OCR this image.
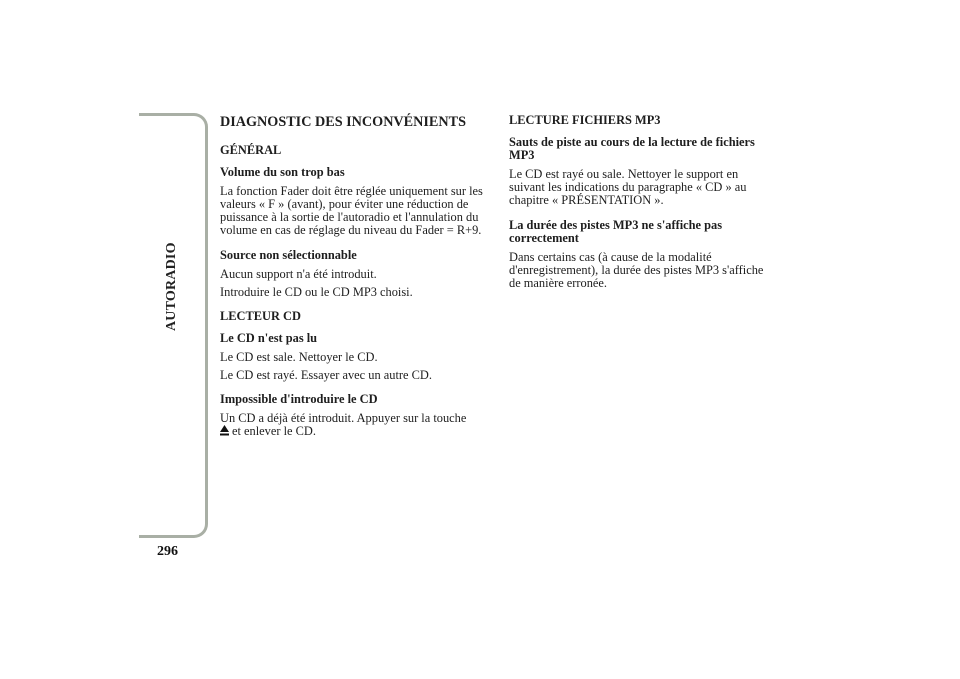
AUTORADIO
296
DIAGNOSTIC DES INCONVÉNIENTS
GÉNÉRAL
Volume du son trop bas

La fonction Fader doit être réglée uniquement sur les valeurs « F » (avant), pour éviter une réduction de puissance à la sortie de l'autoradio et l'annulation du volume en cas de réglage du niveau du Fader = R+9.

Source non sélectionnable

Aucun support n'a été introduit.

Introduire le CD ou le CD MP3 choisi.

LECTEUR CD
Le CD n'est pas lu

Le CD est sale. Nettoyer le CD.

Le CD est rayé. Essayer avec un autre CD.

Impossible d'introduire le CD

Un CD a déjà été introduit. Appuyer sur la touche
et enlever le CD.

LECTURE FICHIERS MP3
Sauts de piste au cours de la lecture de fichiers MP3

Le CD est rayé ou sale. Nettoyer le support en suivant les indications du paragraphe « CD » au chapitre « PRÉSENTATION ».

La durée des pistes MP3 ne s'affiche pas correctement

Dans certains cas (à cause de la modalité d'enregistrement), la durée des pistes MP3 s'affiche de manière erronée.
